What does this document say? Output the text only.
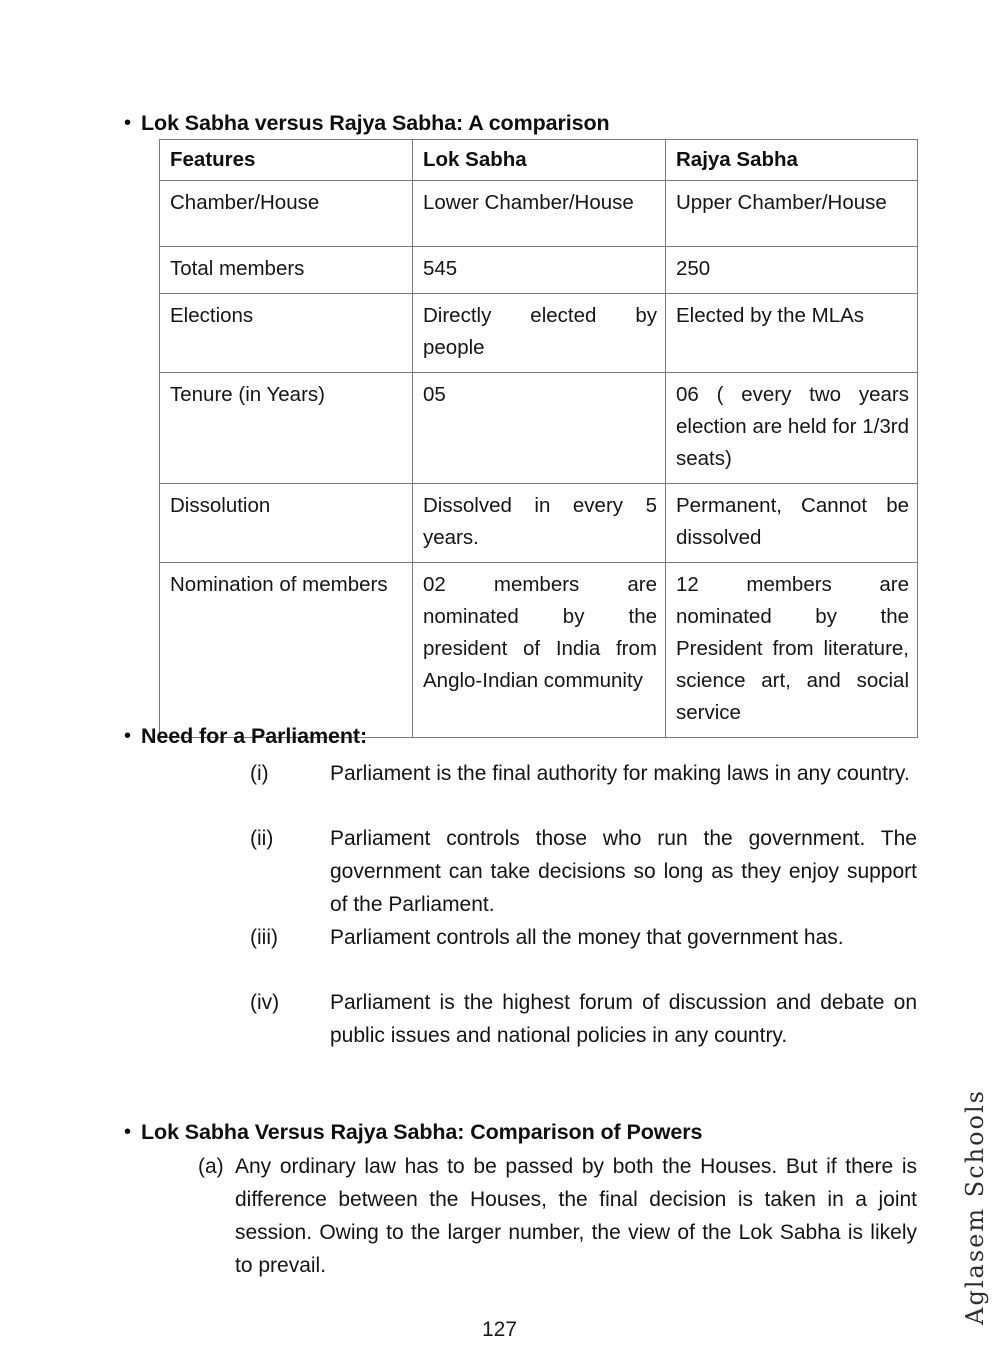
• Lok Sabha versus Rajya Sabha: A comparison
Features	Lok Sabha	Rajya Sabha
Chamber/House	Lower Chamber/House	Upper Chamber/House
Total members	545	250
Elections	Directly elected by people	Elected by the MLAs
Tenure (in Years)	05	06 ( every two years election are held for 1/3rd seats)
Dissolution	Dissolved in every 5 years.	Permanent, Cannot be dissolved
Nomination of members	02 members are nominated by the president of India from Anglo-Indian community	12 members are nominated by the President from literature, science art, and social service
• Need for a Parliament:
(i)	Parliament is the final authority for making laws in any country.
(ii)	Parliament controls those who run the government. The government can take decisions so long as they enjoy support of the Parliament.
(iii)	Parliament controls all the money that government has.
(iv)	Parliament is the highest forum of discussion and debate on public issues and national policies in any country.
• Lok Sabha Versus Rajya Sabha: Comparison of Powers
(a) Any ordinary law has to be passed by both the Houses. But if there is difference between the Houses, the final decision is taken in a joint session. Owing to the larger number, the view of the Lok Sabha is likely to prevail.	Aglasem Schools
127
